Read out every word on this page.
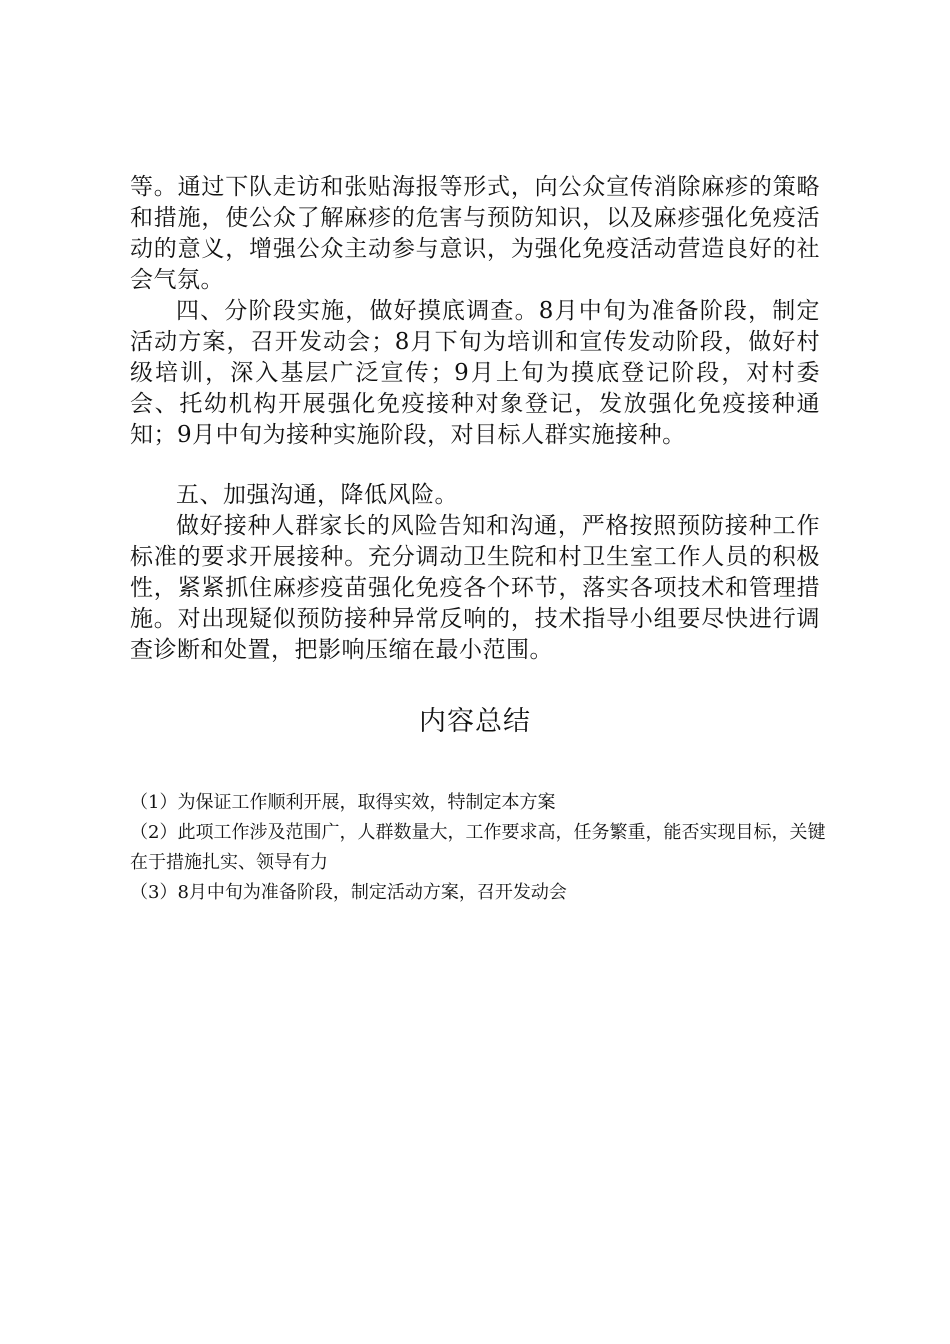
等。通过下队走访和张贴海报等形式，向公众宣传消除麻疹的策略和措施，使公众了解麻疹的危害与预防知识，以及麻疹强化免疫活动的意义，增强公众主动参与意识，为强化免疫活动营造良好的社会气氛。

四、分阶段实施，做好摸底调查。8月中旬为准备阶段，制定活动方案，召开发动会；8月下旬为培训和宣传发动阶段，做好村级培训，深入基层广泛宣传；9月上旬为摸底登记阶段，对村委会、托幼机构开展强化免疫接种对象登记，发放强化免疫接种通知；9月中旬为接种实施阶段，对目标人群实施接种。

五、加强沟通，降低风险。

做好接种人群家长的风险告知和沟通，严格按照预防接种工作标准的要求开展接种。充分调动卫生院和村卫生室工作人员的积极性，紧紧抓住麻疹疫苗强化免疫各个环节，落实各项技术和管理措施。对出现疑似预防接种异常反响的，技术指导小组要尽快进行调查诊断和处置，把影响压缩在最小范围。

内容总结
（1）为保证工作顺利开展，取得实效，特制定本方案
（2）此项工作涉及范围广，人群数量大，工作要求高，任务繁重，能否实现目标，关键在于措施扎实、领导有力
（3）8月中旬为准备阶段，制定活动方案，召开发动会
